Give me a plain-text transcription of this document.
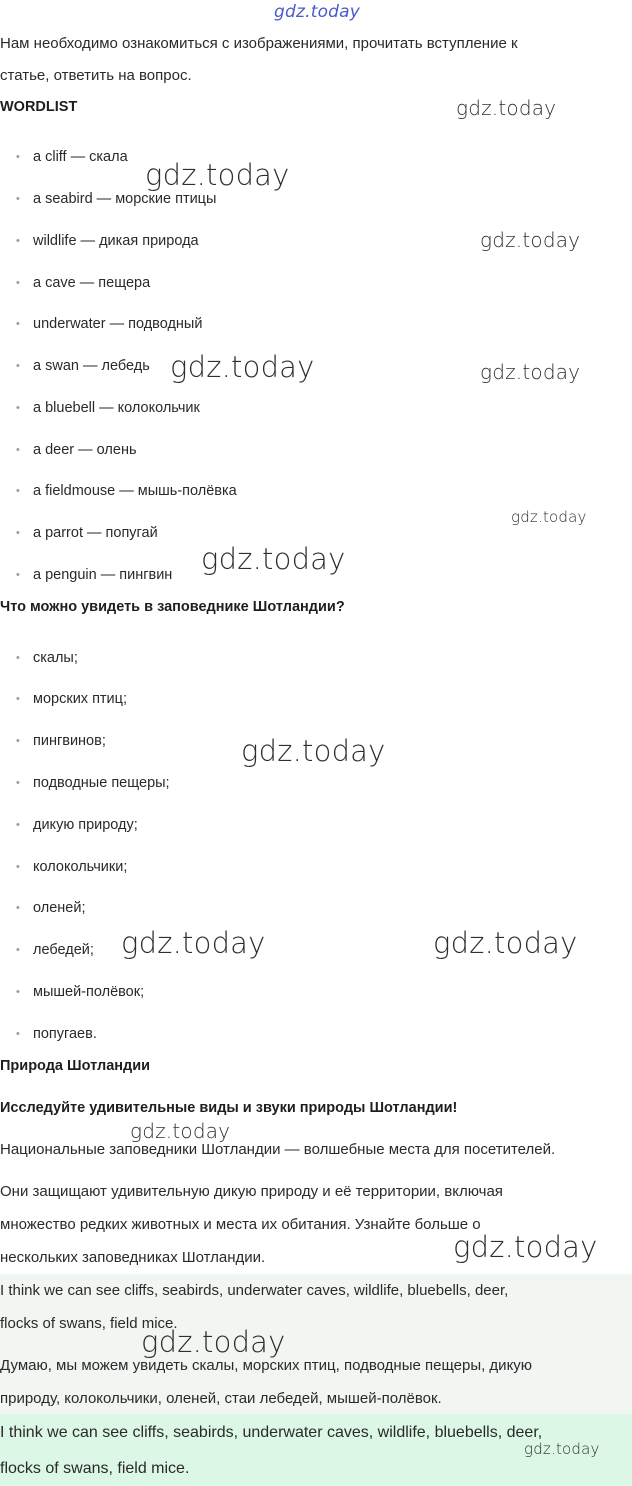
gdz.today
Нам необходимо ознакомиться с изображениями, прочитать вступление к
статье, ответить на вопрос.
WORDLIST
• a cliff — скала
• a seabird — морские птицы
• wildlife — дикая природа
• a cave — пещера
• underwater — подводный
• a swan — лебедь
• a bluebell — колокольчик
• a deer — олень
• a fieldmouse — мышь-полёвка
• a parrot — попугай
• a penguin — пингвин
Что можно увидеть в заповеднике Шотландии?
• скалы;
• морских птиц;
• пингвинов;
• подводные пещеры;
• дикую природу;
• колокольчики;
• оленей;
• лебедей;
• мышей-полёвок;
• попугаев.
Природа Шотландии
Исследуйте удивительные виды и звуки природы Шотландии!
Национальные заповедники Шотландии — волшебные места для посетителей.
Они защищают удивительную дикую природу и её территории, включая
множество редких животных и места их обитания. Узнайте больше о
нескольких заповедниках Шотландии.
I think we can see cliffs, seabirds, underwater caves, wildlife, bluebells, deer,
flocks of swans, field mice.
Думаю, мы можем увидеть скалы, морских птиц, подводные пещеры, дикую
природу, колокольчики, оленей, стаи лебедей, мышей-полёвок.
I think we can see cliffs, seabirds, underwater caves, wildlife, bluebells, deer,
flocks of swans, field mice.
gdz.today
gdz.today
gdz.today
gdz.today	gdz.today
gdz.today
gdz.today
gdz.today
gdz.today	gdz.today
gdz.today
gdz.today
gdz.today
gdz.today
